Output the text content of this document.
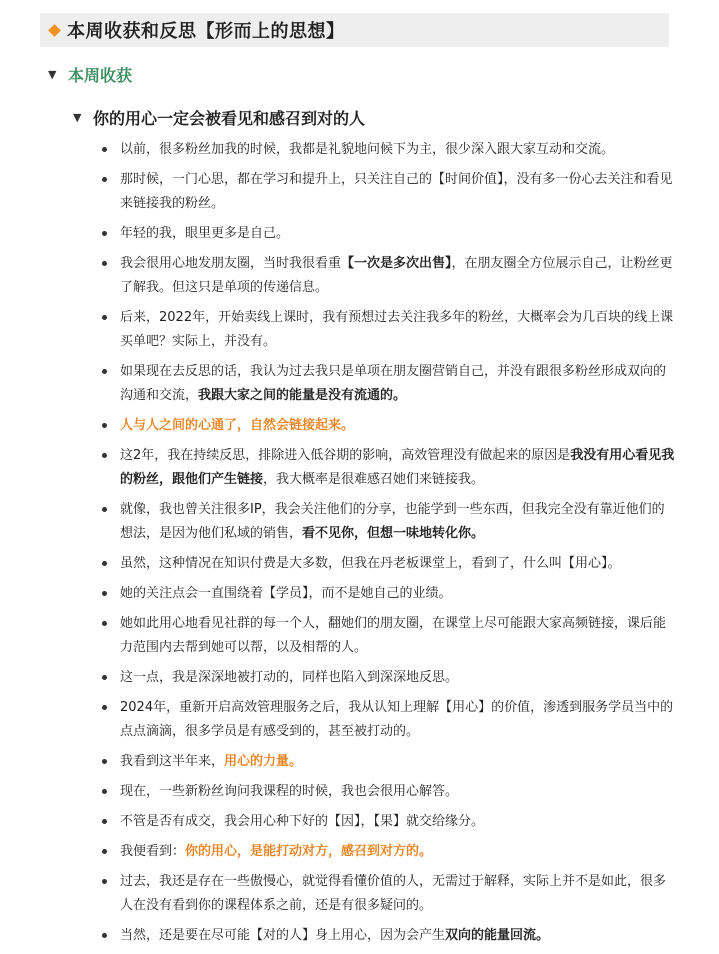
本周收获和反思【形而上的思想】
▼ 本周收获
▼ 你的用心一定会被看见和感召到对的人
以前，很多粉丝加我的时候，我都是礼貌地问候下为主，很少深入跟大家互动和交流。
那时候，一门心思，都在学习和提升上，只关注自己的【时间价值】，没有多一份心去关注和看见来链接我的粉丝。
年轻的我，眼里更多是自己。
我会很用心地发朋友圈，当时我很看重【一次是多次出售】，在朋友圈全方位展示自己，让粉丝更了解我。但这只是单项的传递信息。
后来，2022年，开始卖线上课时，我有预想过去关注我多年的粉丝，大概率会为几百块的线上课买单吧？实际上，并没有。
如果现在去反思的话，我认为过去我只是单项在朋友圈营销自己，并没有跟很多粉丝形成双向的沟通和交流，我跟大家之间的能量是没有流通的。
人与人之间的心通了，自然会链接起来。
这2年，我在持续反思，排除进入低谷期的影响，高效管理没有做起来的原因是我没有用心看见我的粉丝，跟他们产生链接，我大概率是很难感召她们来链接我。
就像，我也曾关注很多IP，我会关注他们的分享，也能学到一些东西，但我完全没有靠近他们的想法，是因为他们私域的销售，看不见你，但想一味地转化你。
虽然，这种情况在知识付费是大多数，但我在丹老板课堂上，看到了，什么叫【用心】。
她的关注点会一直围绕着【学员】，而不是她自己的业绩。
她如此用心地看见社群的每一个人，翻她们的朋友圈，在课堂上尽可能跟大家高频链接，课后能力范围内去帮到她可以帮，以及相帮的人。
这一点，我是深深地被打动的，同样也陷入到深深地反思。
2024年，重新开启高效管理服务之后，我从认知上理解【用心】的价值，渗透到服务学员当中的点点滴滴，很多学员是有感受到的，甚至被打动的。
我看到这半年来，用心的力量。
现在，一些新粉丝询问我课程的时候，我也会很用心解答。
不管是否有成交，我会用心种下好的【因】，【果】就交给缘分。
我便看到：你的用心，是能打动对方，感召到对方的。
过去，我还是存在一些傲慢心，就觉得看懂价值的人，无需过于解释，实际上并不是如此，很多人在没有看到你的课程体系之前，还是有很多疑问的。
当然，还是要在尽可能【对的人】身上用心，因为会产生双向的能量回流。
